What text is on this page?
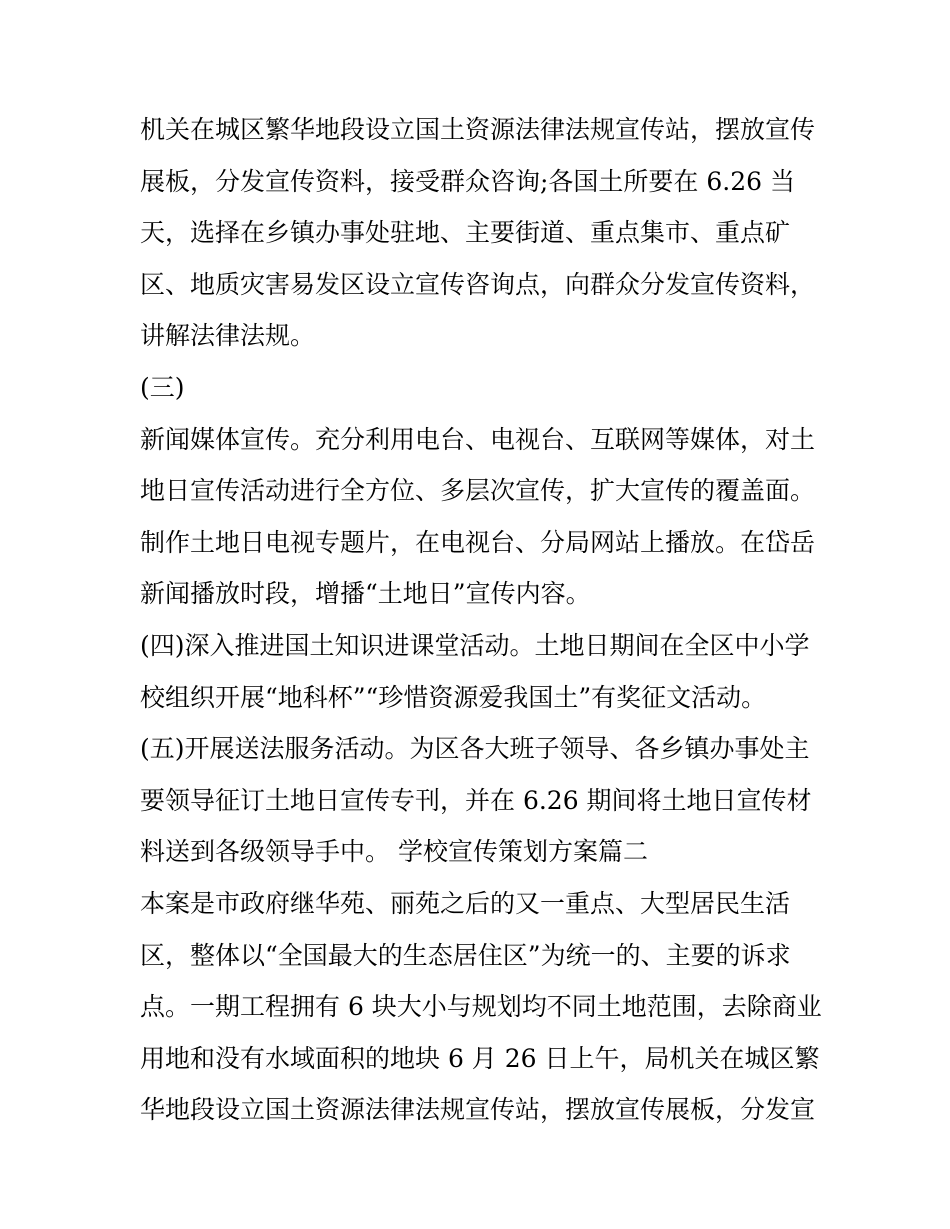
机关在城区繁华地段设立国土资源法律法规宣传站，摆放宣传
展板，分发宣传资料，接受群众咨询;各国土所要在 6.26 当
天，选择在乡镇办事处驻地、主要街道、重点集市、重点矿
区、地质灾害易发区设立宣传咨询点，向群众分发宣传资料，
讲解法律法规。
(三)
新闻媒体宣传。充分利用电台、电视台、互联网等媒体，对土
地日宣传活动进行全方位、多层次宣传，扩大宣传的覆盖面。
制作土地日电视专题片，在电视台、分局网站上播放。在岱岳
新闻播放时段，增播“土地日”宣传内容。
(四)深入推进国土知识进课堂活动。土地日期间在全区中小学
校组织开展“地科杯”“珍惜资源爱我国土”有奖征文活动。
(五)开展送法服务活动。为区各大班子领导、各乡镇办事处主
要领导征订土地日宣传专刊，并在 6.26 期间将土地日宣传材
料送到各级领导手中。 学校宣传策划方案篇二
本案是市政府继华苑、丽苑之后的又一重点、大型居民生活
区，整体以“全国最大的生态居住区”为统一的、主要的诉求
点。一期工程拥有 6 块大小与规划均不同土地范围，去除商业
用地和没有水域面积的地块 6 月 26 日上午，局机关在城区繁
华地段设立国土资源法律法规宣传站，摆放宣传展板，分发宣
